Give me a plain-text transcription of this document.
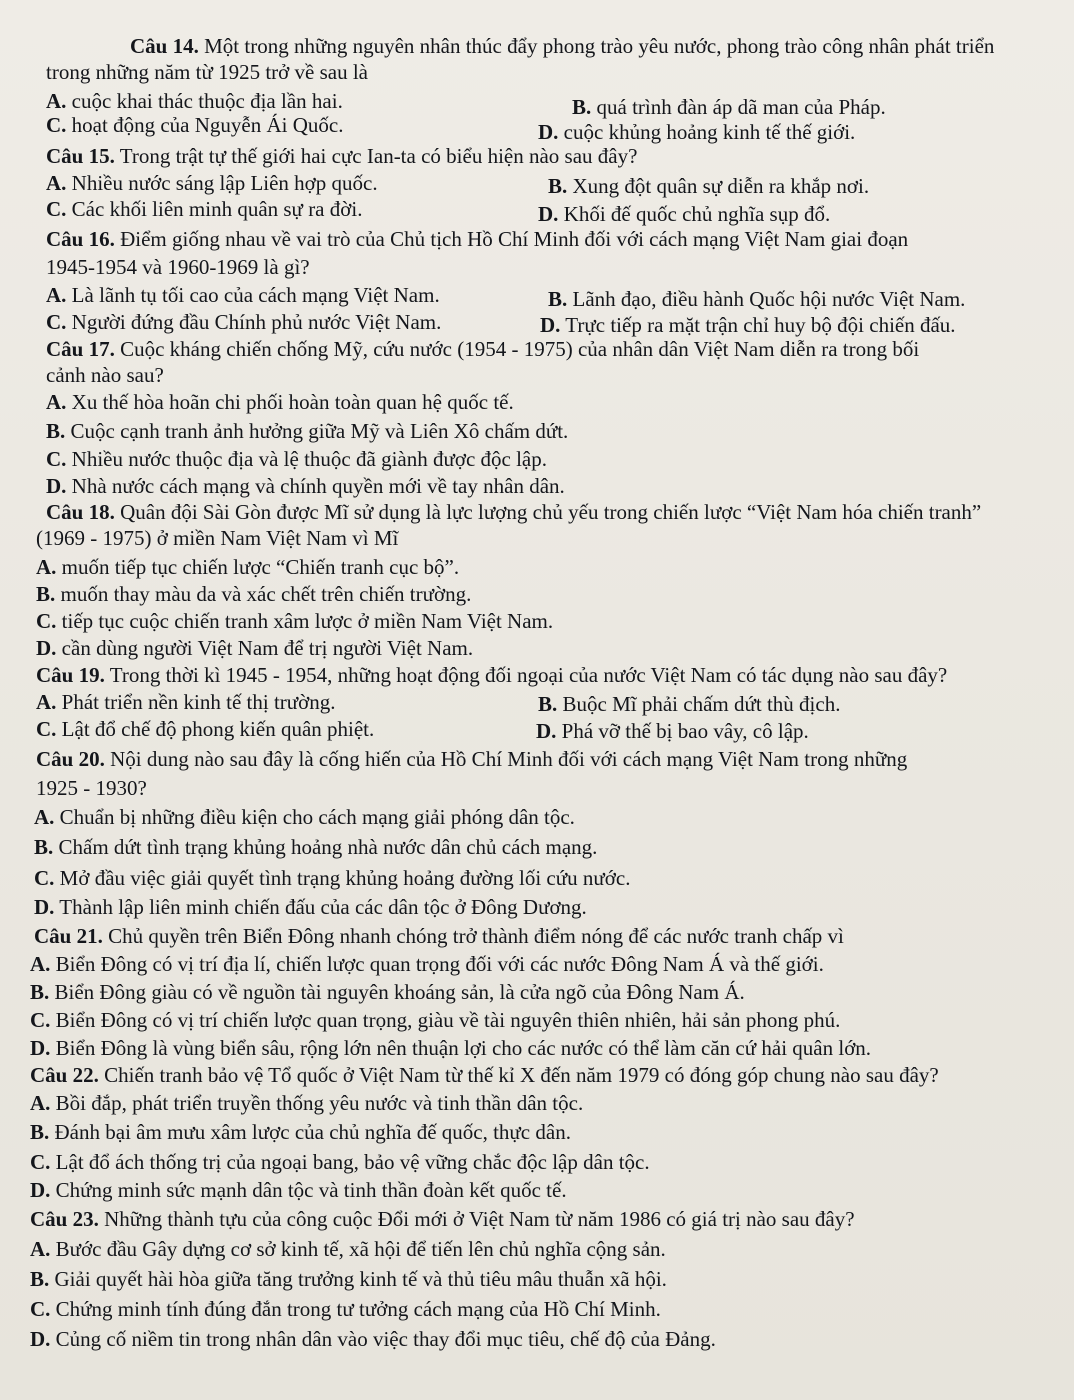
Câu 14. Một trong những nguyên nhân thúc đẩy phong trào yêu nước, phong trào công nhân phát triển
trong những năm từ 1925 trở về sau là
A. cuộc khai thác thuộc địa lần hai.	B. quá trình đàn áp dã man của Pháp.
C. hoạt động của Nguyễn Ái Quốc.	D. cuộc khủng hoảng kinh tế thế giới.
Câu 15. Trong trật tự thế giới hai cực Ian-ta có biểu hiện nào sau đây?
A. Nhiều nước sáng lập Liên hợp quốc.	B. Xung đột quân sự diễn ra khắp nơi.
C. Các khối liên minh quân sự ra đời.	D. Khối đế quốc chủ nghĩa sụp đổ.
Câu 16. Điểm giống nhau về vai trò của Chủ tịch Hồ Chí Minh đối với cách mạng Việt Nam giai đoạn
1945-1954 và 1960-1969 là gì?
A. Là lãnh tụ tối cao của cách mạng Việt Nam.	B. Lãnh đạo, điều hành Quốc hội nước Việt Nam.
C. Người đứng đầu Chính phủ nước Việt Nam.	D. Trực tiếp ra mặt trận chỉ huy bộ đội chiến đấu.
Câu 17. Cuộc kháng chiến chống Mỹ, cứu nước (1954 - 1975) của nhân dân Việt Nam diễn ra trong bối
cảnh nào sau?
A. Xu thế hòa hoãn chi phối hoàn toàn quan hệ quốc tế.
B. Cuộc cạnh tranh ảnh hưởng giữa Mỹ và Liên Xô chấm dứt.
C. Nhiều nước thuộc địa và lệ thuộc đã giành được độc lập.
D. Nhà nước cách mạng và chính quyền mới về tay nhân dân.
Câu 18. Quân đội Sài Gòn được Mĩ sử dụng là lực lượng chủ yếu trong chiến lược “Việt Nam hóa chiến tranh”
(1969 - 1975) ở miền Nam Việt Nam vì Mĩ
A. muốn tiếp tục chiến lược “Chiến tranh cục bộ”.
B. muốn thay màu da và xác chết trên chiến trường.
C. tiếp tục cuộc chiến tranh xâm lược ở miền Nam Việt Nam.
D. cần dùng người Việt Nam để trị người Việt Nam.
Câu 19. Trong thời kì 1945 - 1954, những hoạt động đối ngoại của nước Việt Nam có tác dụng nào sau đây?
A. Phát triển nền kinh tế thị trường.	B. Buộc Mĩ phải chấm dứt thù địch.
C. Lật đổ chế độ phong kiến quân phiệt.	D. Phá vỡ thế bị bao vây, cô lập.
Câu 20. Nội dung nào sau đây là cống hiến của Hồ Chí Minh đối với cách mạng Việt Nam trong những
1925 - 1930?
A. Chuẩn bị những điều kiện cho cách mạng giải phóng dân tộc.
B. Chấm dứt tình trạng khủng hoảng nhà nước dân chủ cách mạng.
C. Mở đầu việc giải quyết tình trạng khủng hoảng đường lối cứu nước.
D. Thành lập liên minh chiến đấu của các dân tộc ở Đông Dương.
Câu 21. Chủ quyền trên Biển Đông nhanh chóng trở thành điểm nóng để các nước tranh chấp vì
A. Biển Đông có vị trí địa lí, chiến lược quan trọng đối với các nước Đông Nam Á và thế giới.
B. Biển Đông giàu có về nguồn tài nguyên khoáng sản, là cửa ngõ của Đông Nam Á.
C. Biển Đông có vị trí chiến lược quan trọng, giàu về tài nguyên thiên nhiên, hải sản phong phú.
D. Biển Đông là vùng biển sâu, rộng lớn nên thuận lợi cho các nước có thể làm căn cứ hải quân lớn.
Câu 22. Chiến tranh bảo vệ Tổ quốc ở Việt Nam từ thế kỉ X đến năm 1979 có đóng góp chung nào sau đây?
A. Bồi đắp, phát triển truyền thống yêu nước và tinh thần dân tộc.
B. Đánh bại âm mưu xâm lược của chủ nghĩa đế quốc, thực dân.
C. Lật đổ ách thống trị của ngoại bang, bảo vệ vững chắc độc lập dân tộc.
D. Chứng minh sức mạnh dân tộc và tinh thần đoàn kết quốc tế.
Câu 23. Những thành tựu của công cuộc Đổi mới ở Việt Nam từ năm 1986 có giá trị nào sau đây?
A. Bước đầu Gây dựng cơ sở kinh tế, xã hội để tiến lên chủ nghĩa cộng sản.
B. Giải quyết hài hòa giữa tăng trưởng kinh tế và thủ tiêu mâu thuẫn xã hội.
C. Chứng minh tính đúng đắn trong tư tưởng cách mạng của Hồ Chí Minh.
D. Củng cố niềm tin trong nhân dân vào việc thay đổi mục tiêu, chế độ của Đảng.
